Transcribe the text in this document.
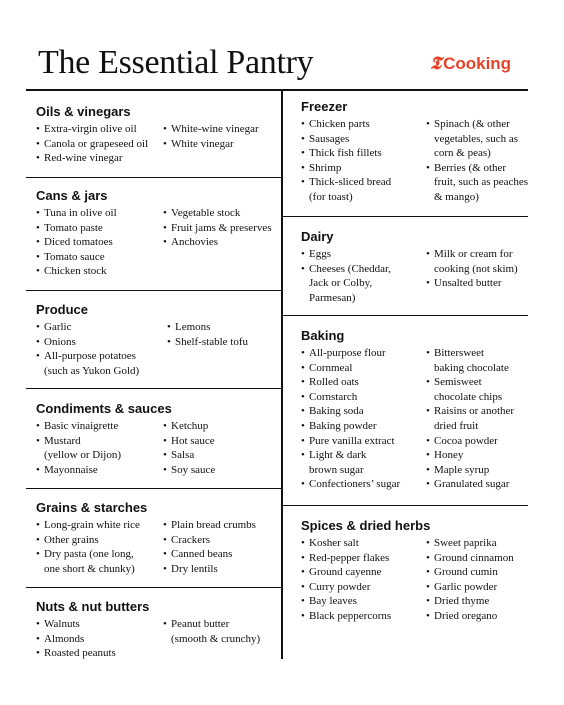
The Essential Pantry	𝕿 Cooking
Oils & vinegars
• Extra-virgin olive oil
• Canola or grapeseed oil
• Red-wine vinegar
• White-wine vinegar
• White vinegar
Cans & jars
• Tuna in olive oil
• Tomato paste
• Diced tomatoes
• Tomato sauce
• Chicken stock
• Vegetable stock
• Fruit jams & preserves
• Anchovies
Produce
• Garlic
• Onions
• All-purpose potatoes
(such as Yukon Gold)
• Lemons
• Shelf-stable tofu
Condiments & sauces
• Basic vinaigrette
• Mustard
(yellow or Dijon)
• Mayonnaise
• Ketchup
• Hot sauce
• Salsa
• Soy sauce
Grains & starches
• Long-grain white rice
• Other grains
• Dry pasta (one long,
one short & chunky)
• Plain bread crumbs
• Crackers
• Canned beans
• Dry lentils
Nuts & nut butters
• Walnuts
• Almonds
• Roasted peanuts
• Peanut butter
(smooth & crunchy)
Freezer
• Chicken parts
• Sausages
• Thick fish fillets
• Shrimp
• Thick-sliced bread
(for toast)
• Spinach (& other
vegetables, such as
corn & peas)
• Berries (& other
fruit, such as peaches
& mango)
Dairy
• Eggs
• Cheeses (Cheddar,
Jack or Colby,
Parmesan)
• Milk or cream for
cooking (not skim)
• Unsalted butter
Baking
• All-purpose flour
• Cornmeal
• Rolled oats
• Cornstarch
• Baking soda
• Baking powder
• Pure vanilla extract
• Light & dark
brown sugar
• Confectioners’ sugar
• Bittersweet
baking chocolate
• Semisweet
chocolate chips
• Raisins or another
dried fruit
• Cocoa powder
• Honey
• Maple syrup
• Granulated sugar
Spices & dried herbs
• Kosher salt
• Red-pepper flakes
• Ground cayenne
• Curry powder
• Bay leaves
• Black peppercorns
• Sweet paprika
• Ground cinnamon
• Ground cumin
• Garlic powder
• Dried thyme
• Dried oregano
